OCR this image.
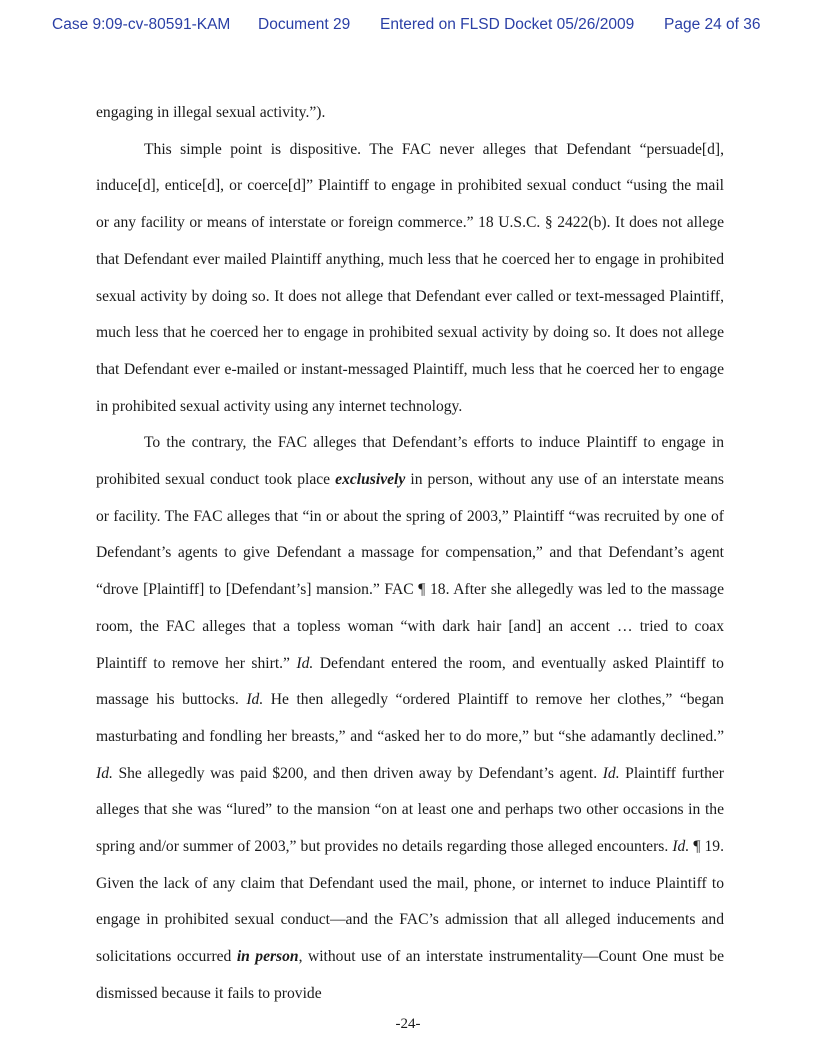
Case 9:09-cv-80591-KAM Document 29 Entered on FLSD Docket 05/26/2009 Page 24 of 36

engaging in illegal sexual activity.”).

This simple point is dispositive. The FAC never alleges that Defendant “persuade[d], induce[d], entice[d], or coerce[d]” Plaintiff to engage in prohibited sexual conduct “using the mail or any facility or means of interstate or foreign commerce.” 18 U.S.C. § 2422(b). It does not allege that Defendant ever mailed Plaintiff anything, much less that he coerced her to engage in prohibited sexual activity by doing so. It does not allege that Defendant ever called or text-messaged Plaintiff, much less that he coerced her to engage in prohibited sexual activity by doing so. It does not allege that Defendant ever e-mailed or instant-messaged Plaintiff, much less that he coerced her to engage in prohibited sexual activity using any internet technology.

To the contrary, the FAC alleges that Defendant’s efforts to induce Plaintiff to engage in prohibited sexual conduct took place exclusively in person, without any use of an interstate means or facility. The FAC alleges that “in or about the spring of 2003,” Plaintiff “was recruited by one of Defendant’s agents to give Defendant a massage for compensation,” and that Defendant’s agent “drove [Plaintiff] to [Defendant’s] mansion.” FAC ¶ 18. After she allegedly was led to the massage room, the FAC alleges that a topless woman “with dark hair [and] an accent … tried to coax Plaintiff to remove her shirt.” Id. Defendant entered the room, and eventually asked Plaintiff to massage his buttocks. Id. He then allegedly “ordered Plaintiff to remove her clothes,” “began masturbating and fondling her breasts,” and “asked her to do more,” but “she adamantly declined.” Id. She allegedly was paid $200, and then driven away by Defendant’s agent. Id. Plaintiff further alleges that she was “lured” to the mansion “on at least one and perhaps two other occasions in the spring and/or summer of 2003,” but provides no details regarding those alleged encounters. Id. ¶ 19. Given the lack of any claim that Defendant used the mail, phone, or internet to induce Plaintiff to engage in prohibited sexual conduct—and the FAC’s admission that all alleged inducements and solicitations occurred in person, without use of an interstate instrumentality—Count One must be dismissed because it fails to provide

-24-
